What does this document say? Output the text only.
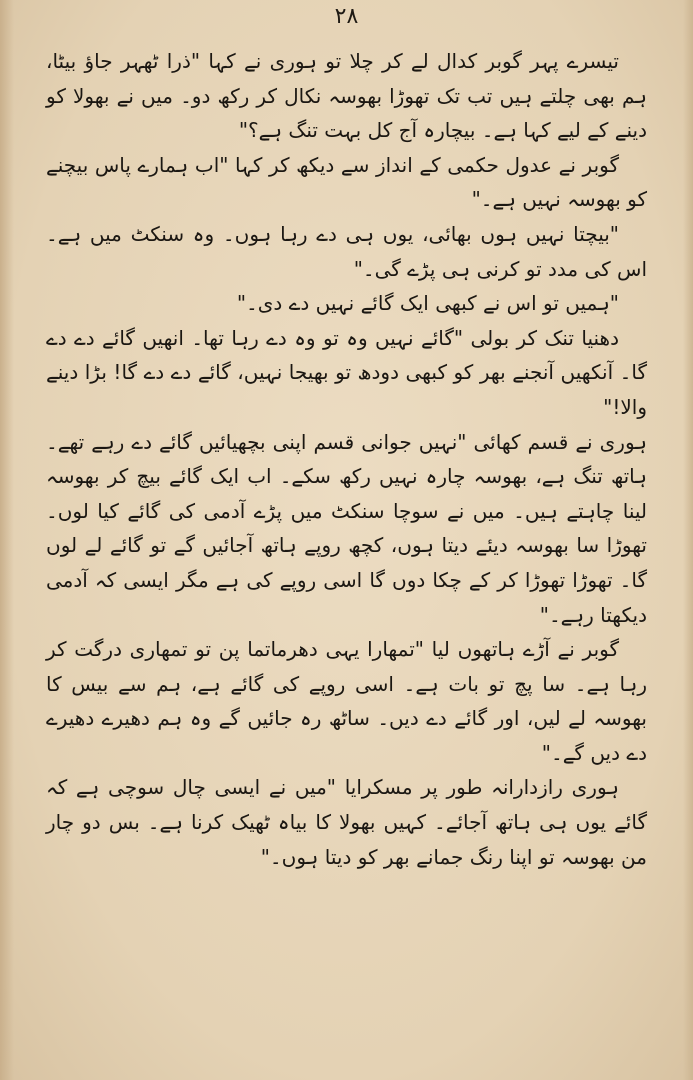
۲۸

تیسرے پہر گوبر کدال لے کر چلا تو ہوری نے کہا "ذرا ٹھہر جاؤ بیٹا، ہم بھی چلتے ہیں تب تک تھوڑا بھوسہ نکال کر رکھ دو۔ میں نے بھولا کو دینے کے لیے کہا ہے۔ بیچارہ آج کل بہت تنگ ہے؟"

گوبر نے عدول حکمی کے انداز سے دیکھ کر کہا "اب ہمارے پاس بیچنے کو بھوسہ نہیں ہے۔"

"بیچتا نہیں ہوں بھائی، یوں ہی دے رہا ہوں۔ وہ سنکٹ میں ہے۔ اس کی مدد تو کرنی ہی پڑے گی۔"

"ہمیں تو اس نے کبھی ایک گائے نہیں دے دی۔"

دھنیا تنک کر بولی "گائے نہیں وہ تو وہ دے رہا تھا۔ انھیں گائے دے دے گا۔ آنکھیں آنجنے بھر کو کبھی دودھ تو بھیجا نہیں، گائے دے دے گا! بڑا دینے والا!"

ہوری نے قسم کھائی "نہیں جوانی قسم اپنی بچھیائیں گائے دے رہے تھے۔ ہاتھ تنگ ہے، بھوسہ چارہ نہیں رکھ سکے۔ اب ایک گائے بیچ کر بھوسہ لینا چاہتے ہیں۔ میں نے سوچا سنکٹ میں پڑے آدمی کی گائے کیا لوں۔ تھوڑا سا بھوسہ دیئے دیتا ہوں، کچھ روپے ہاتھ آجائیں گے تو گائے لے لوں گا۔ تھوڑا تھوڑا کر کے چکا دوں گا اسی روپے کی ہے مگر ایسی کہ آدمی دیکھتا رہے۔"

گوبر نے آڑے ہاتھوں لیا "تمھارا یہی دھرماتما پن تو تمھاری درگت کر رہا ہے۔ سا پچ تو بات ہے۔ اسی روپے کی گائے ہے، ہم سے بیس کا بھوسہ لے لیں، اور گائے دے دیں۔ ساٹھ رہ جائیں گے وہ ہم دھیرے دھیرے دے دیں گے۔"

ہوری رازدارانہ طور پر مسکرایا "میں نے ایسی چال سوچی ہے کہ گائے یوں ہی ہاتھ آجائے۔ کہیں بھولا کا بیاہ ٹھیک کرنا ہے۔ بس دو چار من بھوسہ تو اپنا رنگ جمانے بھر کو دیتا ہوں۔"
